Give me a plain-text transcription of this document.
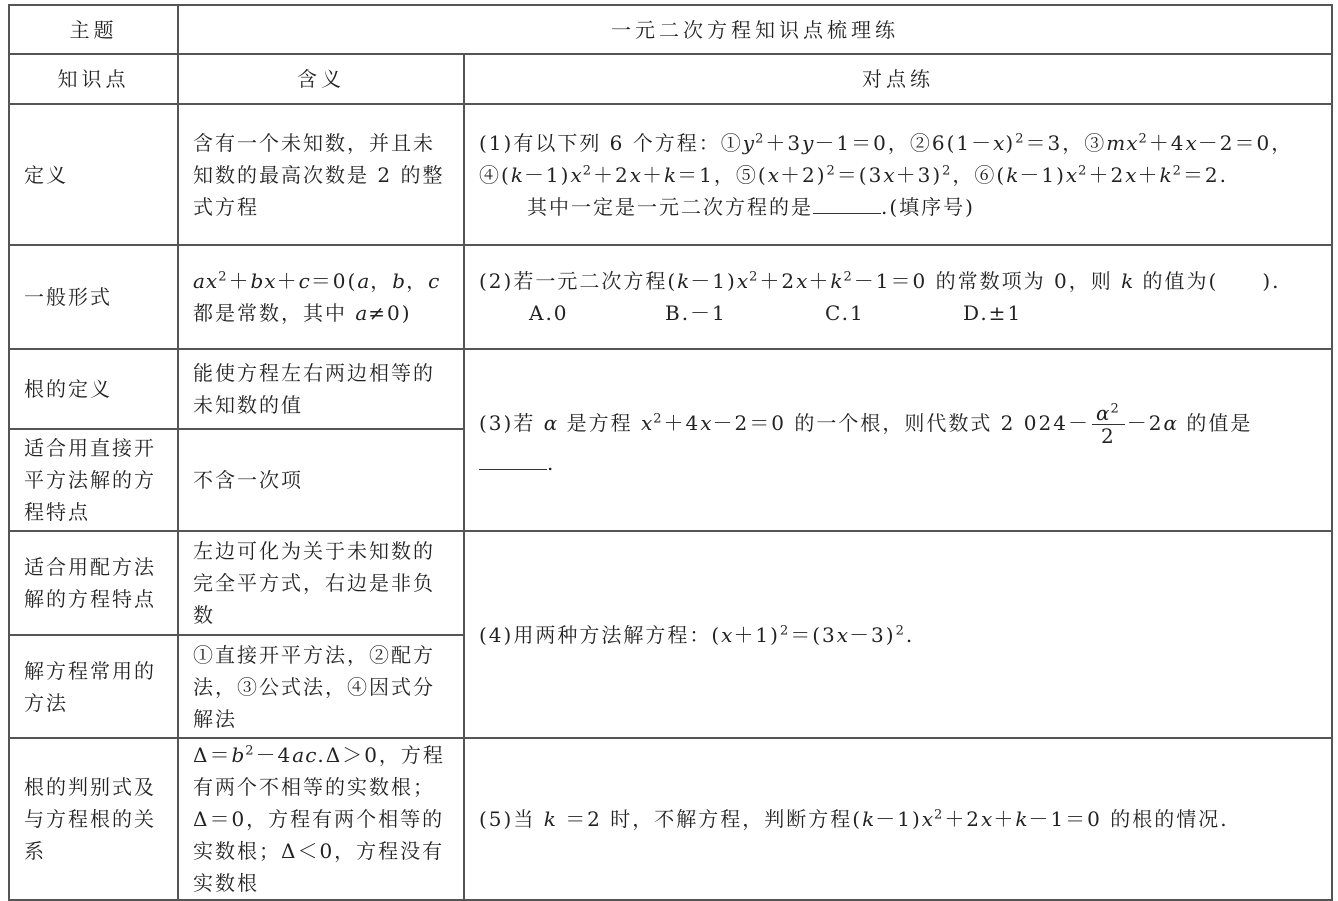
主题	一元二次方程知识点梳理练	
知识点	含义	对点练
定义	含有一个未知数，并且未知数的最高次数是 2 的整式方程	(1)有以下列 6 个方程：$①y^2+3y-1=0$，$②6(1-x)^2=3$，$③mx^2+4x-2=0$，$④(k-1)x^2+2x+k=1$，$⑤(x+2)^2=(3x+3)^2$，$⑥(k-1)x^2+2x+k^2=2$.
其中一定是一元二次方程的是 .(填序号)
一般形式	$ax^2+bx+c=0(a$，b，c 都是常数，其中 a≠0)	(2)若一元二次方程$(k-1)x^2+2x+k^2-1=0$ 的常数项为 0，则 k 的值为(　　).
A.0 B.－1 C.1 D.±1
根的定义	能使方程左右两边相等的未知数的值	(3)若 α 是方程 $x^2+4x-2=0$ 的一个根，则代数式 2 $024- \frac{\alpha^2}{2} -2\alpha$ 的值是.
适合用直接开平方法解的方程特点	不含一次项	
适合用配方法解的方程特点	左边可化为关于未知数的完全平方式，右边是非负数	(4)用两种方法解方程：$(x+1)^2=(3x-3)^2$.
解方程常用的方法	①直接开平方法，②配方法，③公式法，④因式分解法	
根的判别式及与方程根的关系	$\Delta=b^2-4ac.\Delta>0$，方程有两个不相等的实数根；Δ＝0，方程有两个相等的实数根；Δ＜0，方程没有实数根	(5)当 k ＝2 时，不解方程，判断方程$(k-1)x^2+2x+k-1=0$ 的根的情况.
